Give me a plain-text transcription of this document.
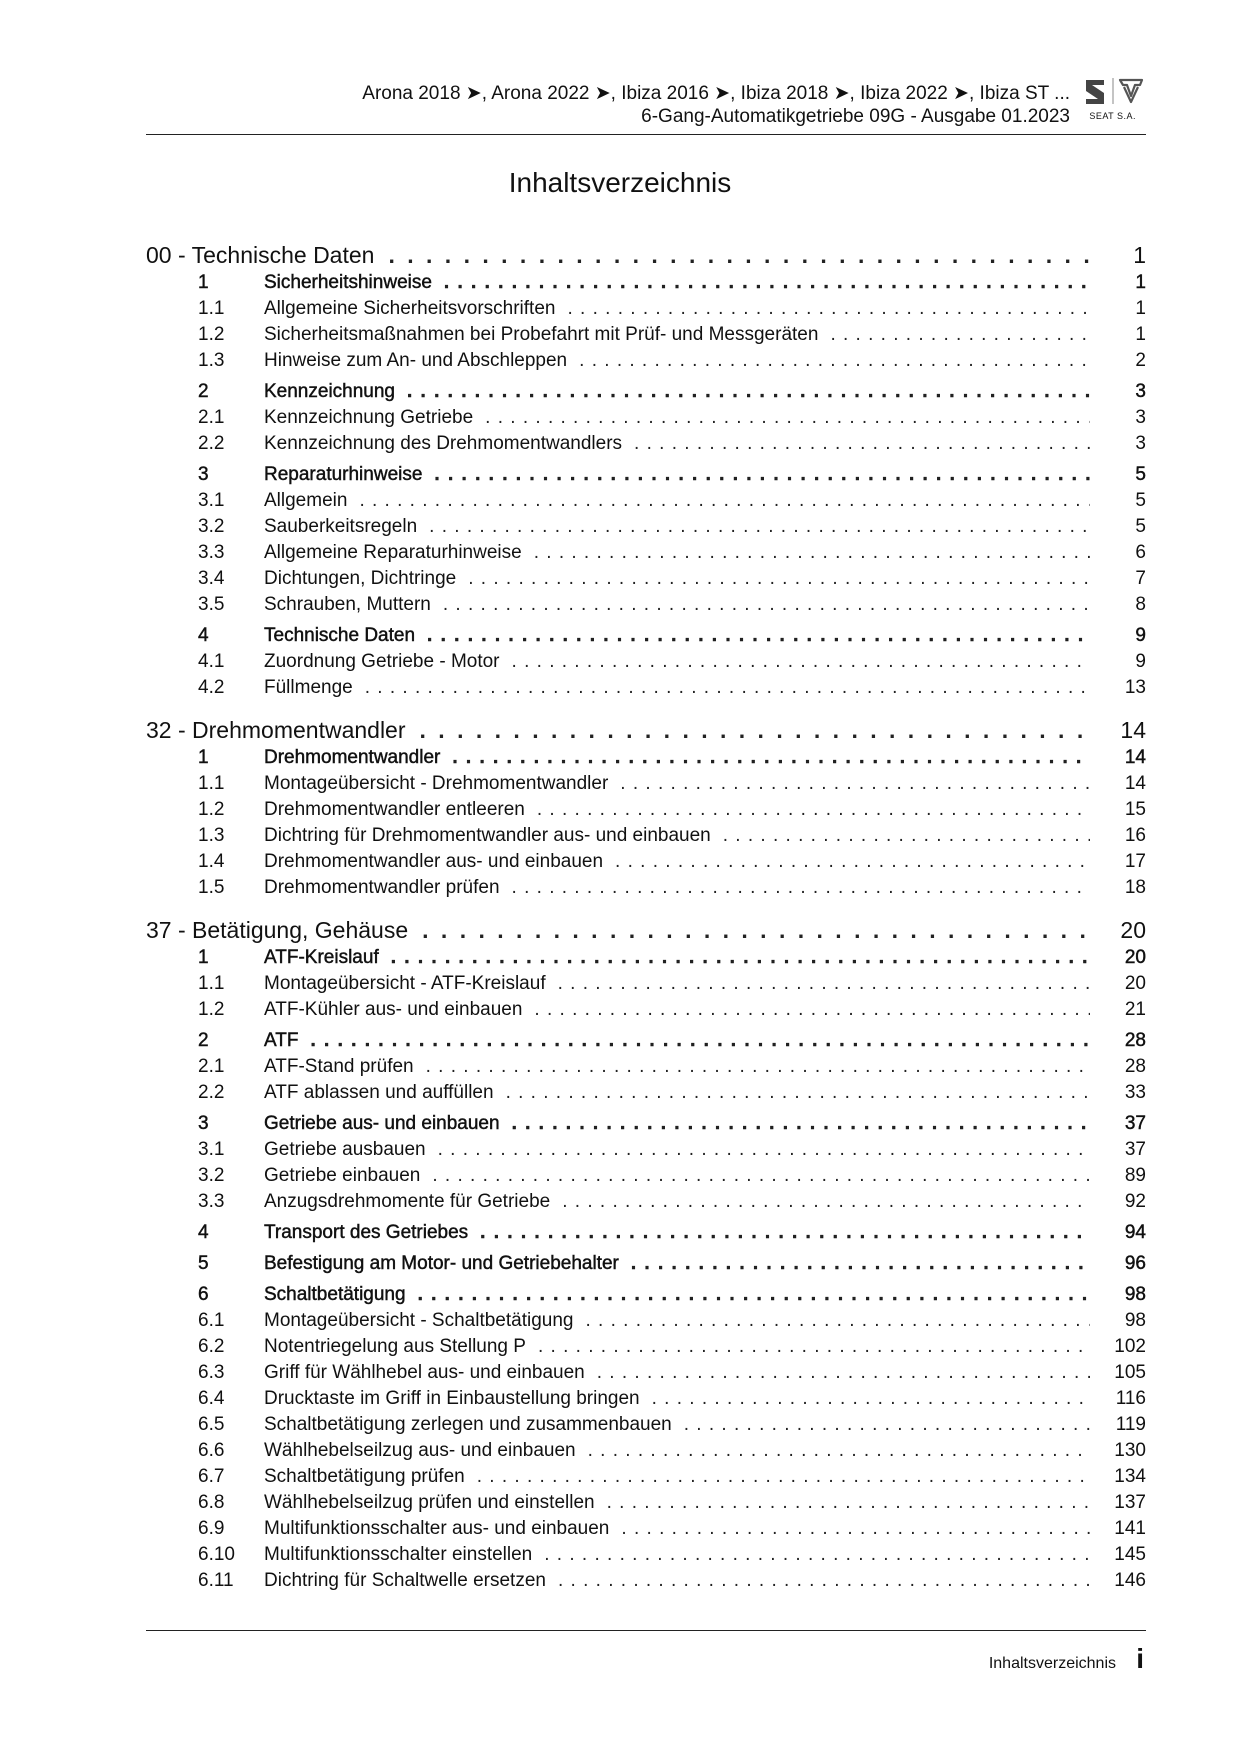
Arona 2018 ➤, Arona 2022 ➤, Ibiza 2016 ➤, Ibiza 2018 ➤, Ibiza 2022 ➤, Ibiza ST ...
6-Gang-Automatikgetriebe 09G - Ausgabe 01.2023 SEAT S.A.
Inhaltsverzeichnis
00 - Technische Daten . . .	1
1	Sicherheitshinweise . . .	1
1.1	Allgemeine Sicherheitsvorschriften . . .	1
1.2	Sicherheitsmaßnahmen bei Probefahrt mit Prüf- und Messgeräten . . .	1
1.3	Hinweise zum An- und Abschleppen . . .	2
2	Kennzeichnung . . .	3
2.1	Kennzeichnung Getriebe . . .	3
2.2	Kennzeichnung des Drehmomentwandlers . . .	3
3	Reparaturhinweise . . .	5
3.1	Allgemein . . .	5
3.2	Sauberkeitsregeln . . .	5
3.3	Allgemeine Reparaturhinweise . . .	6
3.4	Dichtungen, Dichtringe . . .	7
3.5	Schrauben, Muttern . . .	8
4	Technische Daten . . .	9
4.1	Zuordnung Getriebe - Motor . . .	9
4.2	Füllmenge . . .	13
32 - Drehmomentwandler . . .	14
1	Drehmomentwandler . . .	14
1.1	Montageübersicht - Drehmomentwandler . . .	14
1.2	Drehmomentwandler entleeren . . .	15
1.3	Dichtring für Drehmomentwandler aus- und einbauen . . .	16
1.4	Drehmomentwandler aus- und einbauen . . .	17
1.5	Drehmomentwandler prüfen . . .	18
37 - Betätigung, Gehäuse . . .	20
1	ATF-Kreislauf . . .	20
1.1	Montageübersicht - ATF-Kreislauf . . .	20
1.2	ATF-Kühler aus- und einbauen . . .	21
2	ATF . . .	28
2.1	ATF-Stand prüfen . . .	28
2.2	ATF ablassen und auffüllen . . .	33
3	Getriebe aus- und einbauen . . .	37
3.1	Getriebe ausbauen . . .	37
3.2	Getriebe einbauen . . .	89
3.3	Anzugsdrehmomente für Getriebe . . .	92
4	Transport des Getriebes . . .	94
5	Befestigung am Motor- und Getriebehalter . . .	96
6	Schaltbetätigung . . .	98
6.1	Montageübersicht - Schaltbetätigung . . .	98
6.2	Notentriegelung aus Stellung P . . .	102
6.3	Griff für Wählhebel aus- und einbauen . . .	105
6.4	Drucktaste im Griff in Einbaustellung bringen . . .	116
6.5	Schaltbetätigung zerlegen und zusammenbauen . . .	119
6.6	Wählhebelseilzug aus- und einbauen . . .	130
6.7	Schaltbetätigung prüfen . . .	134
6.8	Wählhebelseilzug prüfen und einstellen . . .	137
6.9	Multifunktionsschalter aus- und einbauen . . .	141
6.10	Multifunktionsschalter einstellen . . .	145
6.11	Dichtring für Schaltwelle ersetzen . . .	146
Inhaltsverzeichnis i
